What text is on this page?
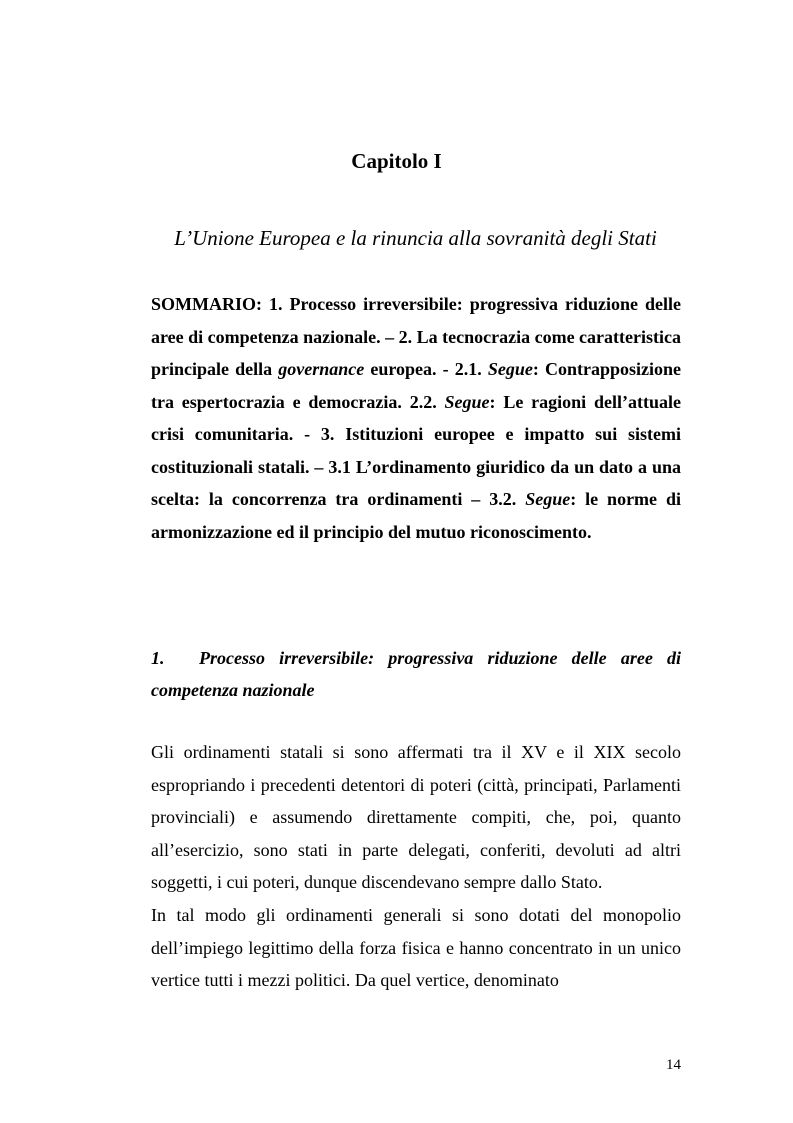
Capitolo I
L’Unione Europea e la rinuncia alla sovranità degli Stati
SOMMARIO: 1. Processo irreversibile: progressiva riduzione delle aree di competenza nazionale. – 2. La tecnocrazia come caratteristica principale della governance europea. - 2.1. Segue: Contrapposizione tra espertocrazia e democrazia. 2.2. Segue: Le ragioni dell’attuale crisi comunitaria. - 3. Istituzioni europee e impatto sui sistemi costituzionali statali. – 3.1 L’ordinamento giuridico da un dato a una scelta: la concorrenza tra ordinamenti – 3.2. Segue: le norme di armonizzazione ed il principio del mutuo riconoscimento.
1. Processo irreversibile: progressiva riduzione delle aree di competenza nazionale

Gli ordinamenti statali si sono affermati tra il XV e il XIX secolo espropriando i precedenti detentori di poteri (città, principati, Parlamenti provinciali) e assumendo direttamente compiti, che, poi, quanto all’esercizio, sono stati in parte delegati, conferiti, devoluti ad altri soggetti, i cui poteri, dunque discendevano sempre dallo Stato.

In tal modo gli ordinamenti generali si sono dotati del monopolio dell’impiego legittimo della forza fisica e hanno concentrato in un unico vertice tutti i mezzi politici. Da quel vertice, denominato

14
